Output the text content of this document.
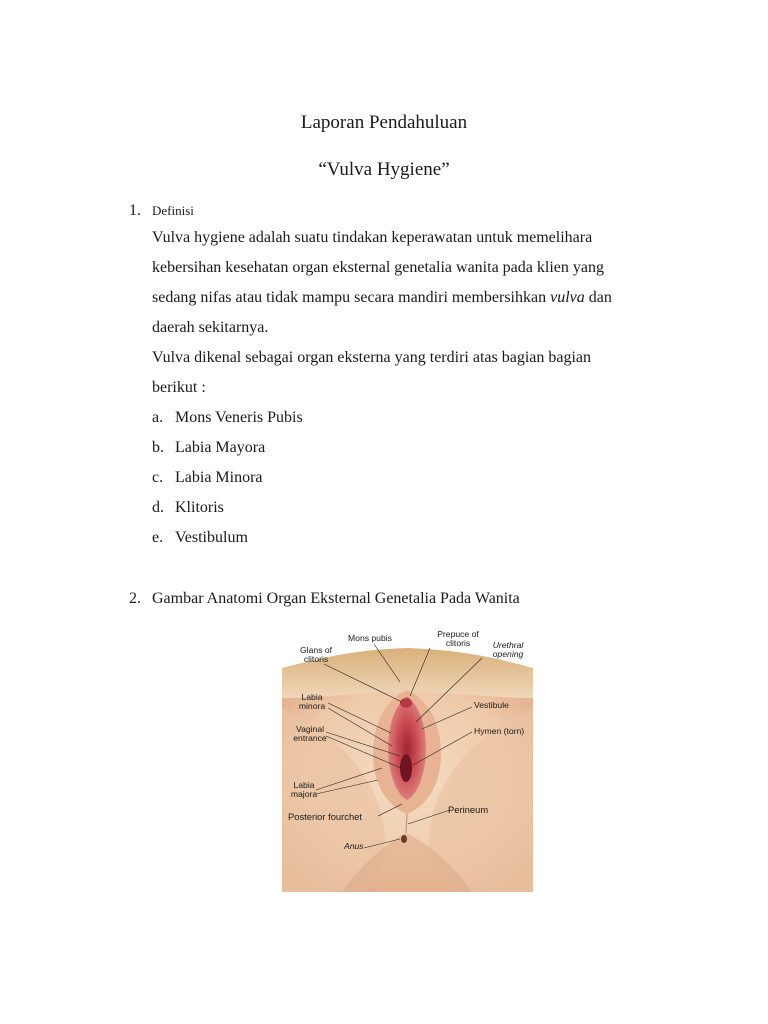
Laporan Pendahuluan
“Vulva Hygiene”
1. Definisi
Vulva hygiene adalah suatu tindakan keperawatan untuk memelihara
kebersihan kesehatan organ eksternal genetalia wanita pada klien yang
sedang nifas atau tidak mampu secara mandiri membersihkan vulva dan
daerah sekitarnya.
Vulva dikenal sebagai organ eksterna yang terdiri atas bagian bagian
berikut :
a. Mons Veneris Pubis
b. Labia Mayora
c. Labia Minora
d. Klitoris
e. Vestibulum
2. Gambar Anatomi Organ Eksternal Genetalia Pada Wanita
Mons pubis	Prepuce of
clitoris	Urethral
opening
Glans of
clitoris
Labia
minora	Vestibule
Vaginal
entrance
Hymen (torn)
Labia
majora
Perineum
Posterior fourchet
Anus
